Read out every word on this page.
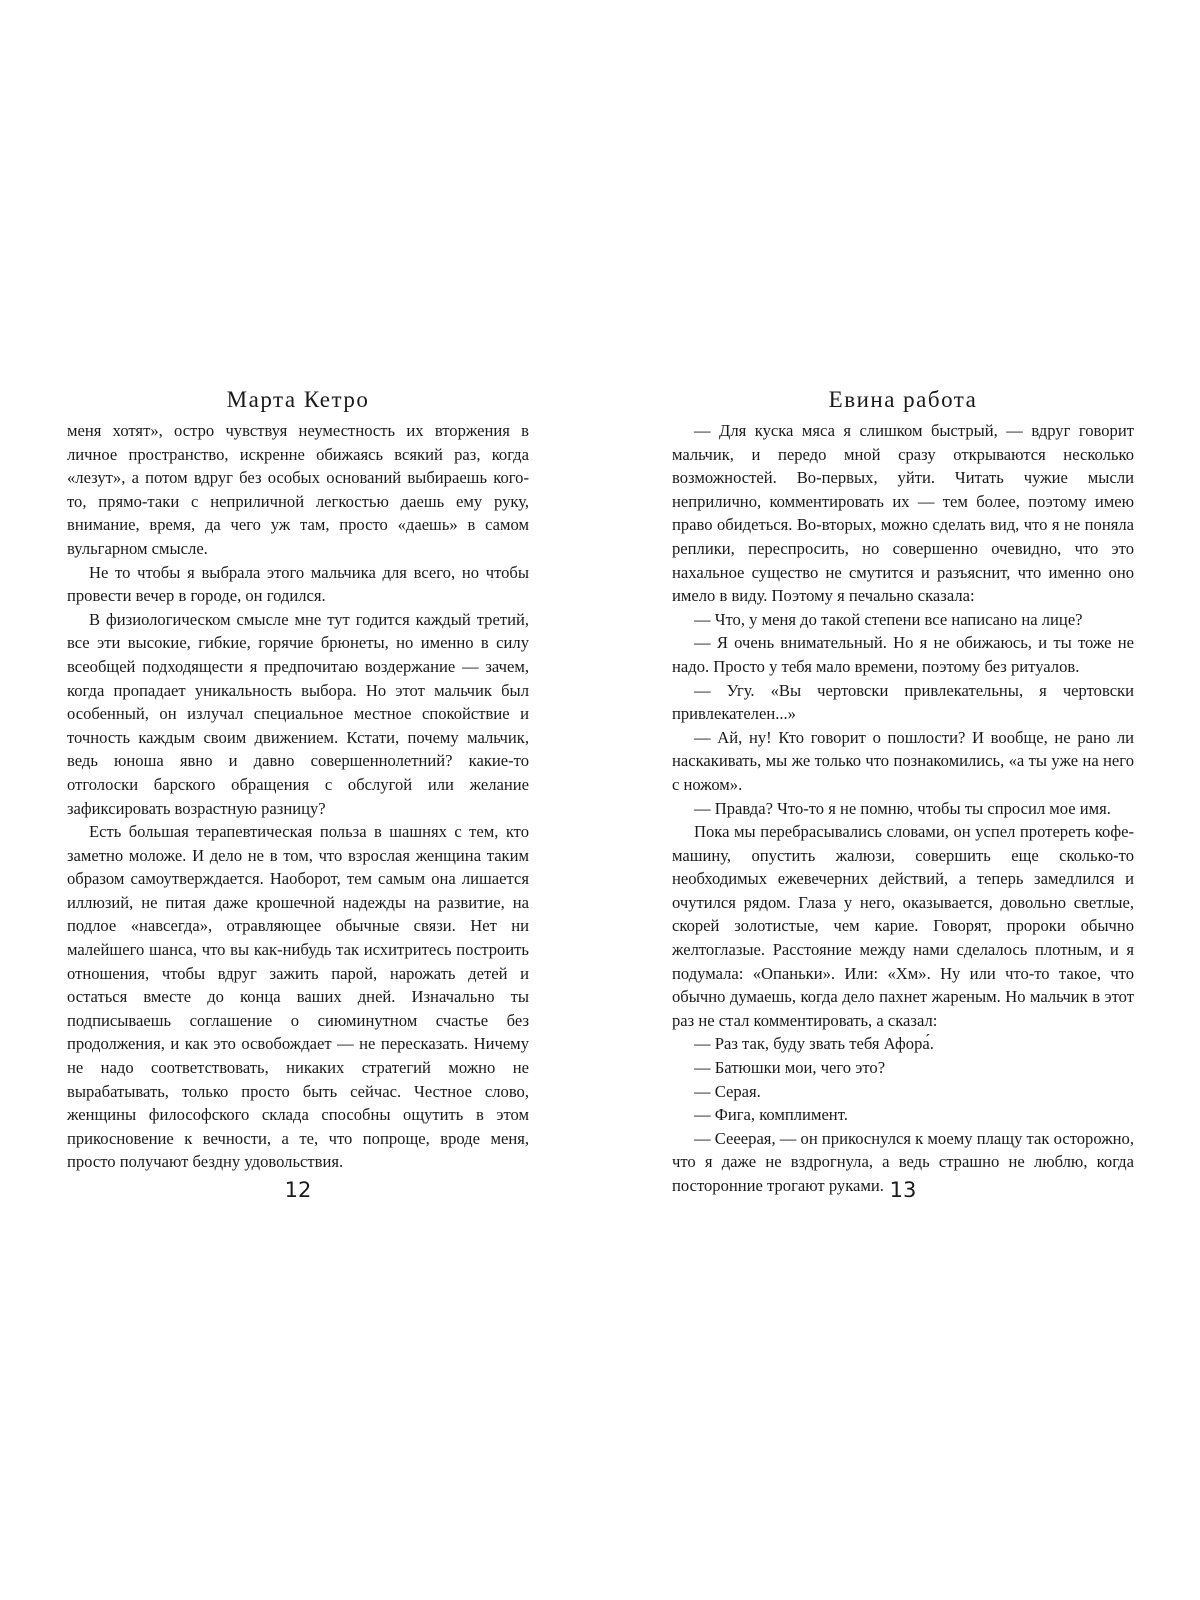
Марта Кетро

меня хотят», остро чувствуя неуместность их вторжения в личное пространство, искренне обижаясь всякий раз, когда «лезут», а потом вдруг без особых оснований выбираешь кого-то, прямо-таки с неприличной легкостью даешь ему руку, внимание, время, да чего уж там, просто «даешь» в самом вульгарном смысле.

Не то чтобы я выбрала этого мальчика для всего, но чтобы провести вечер в городе, он годился.

В физиологическом смысле мне тут годится каждый третий, все эти высокие, гибкие, горячие брюнеты, но именно в силу всеобщей подходящести я предпочитаю воздержание — зачем, когда пропадает уникальность выбора. Но этот мальчик был особенный, он излучал специальное местное спокойствие и точность каждым своим движением. Кстати, почему мальчик, ведь юноша явно и давно совершеннолетний? какие-то отголоски барского обращения с обслугой или желание зафиксировать возрастную разницу?

Есть большая терапевтическая польза в шашнях с тем, кто заметно моложе. И дело не в том, что взрослая женщина таким образом самоутверждается. Наоборот, тем самым она лишается иллюзий, не питая даже крошечной надежды на развитие, на подлое «навсегда», отравляющее обычные связи. Нет ни малейшего шанса, что вы как-нибудь так исхитритесь построить отношения, чтобы вдруг зажить парой, нарожать детей и остаться вместе до конца ваших дней. Изначально ты подписываешь соглашение о сиюминутном счастье без продолжения, и как это освобождает — не пересказать. Ничему не надо соответствовать, никаких стратегий можно не вырабатывать, только просто быть сейчас. Честное слово, женщины философского склада способны ощутить в этом прикосновение к вечности, а те, что попроще, вроде меня, просто получают бездну удовольствия.

12
Евина работа

— Для куска мяса я слишком быстрый, — вдруг говорит мальчик, и передо мной сразу открываются несколько возможностей. Во-первых, уйти. Читать чужие мысли неприлично, комментировать их — тем более, поэтому имею право обидеться. Во-вторых, можно сделать вид, что я не поняла реплики, переспросить, но совершенно очевидно, что это нахальное существо не смутится и разъяснит, что именно оно имело в виду. Поэтому я печально сказала:

— Что, у меня до такой степени все написано на лице?

— Я очень внимательный. Но я не обижаюсь, и ты тоже не надо. Просто у тебя мало времени, поэтому без ритуалов.

— Угу. «Вы чертовски привлекательны, я чертовски привлекателен...»

— Ай, ну! Кто говорит о пошлости? И вообще, не рано ли наскакивать, мы же только что познакомились, «а ты уже на него с ножом».

— Правда? Что-то я не помню, чтобы ты спросил мое имя.

Пока мы перебрасывались словами, он успел протереть кофе-машину, опустить жалюзи, совершить еще сколько-то необходимых ежевечерних действий, а теперь замедлился и очутился рядом. Глаза у него, оказывается, довольно светлые, скорей золотистые, чем карие. Говорят, пророки обычно желтоглазые. Расстояние между нами сделалось плотным, и я подумала: «Опаньки». Или: «Хм». Ну или что-то такое, что обычно думаешь, когда дело пахнет жареным. Но мальчик в этот раз не стал комментировать, а сказал:

— Раз так, буду звать тебя Афора́.

— Батюшки мои, чего это?

— Серая.

— Фига, комплимент.

— Сееерая, — он прикоснулся к моему плащу так осторожно, что я даже не вздрогнула, а ведь страшно не люблю, когда посторонние трогают руками. 13
